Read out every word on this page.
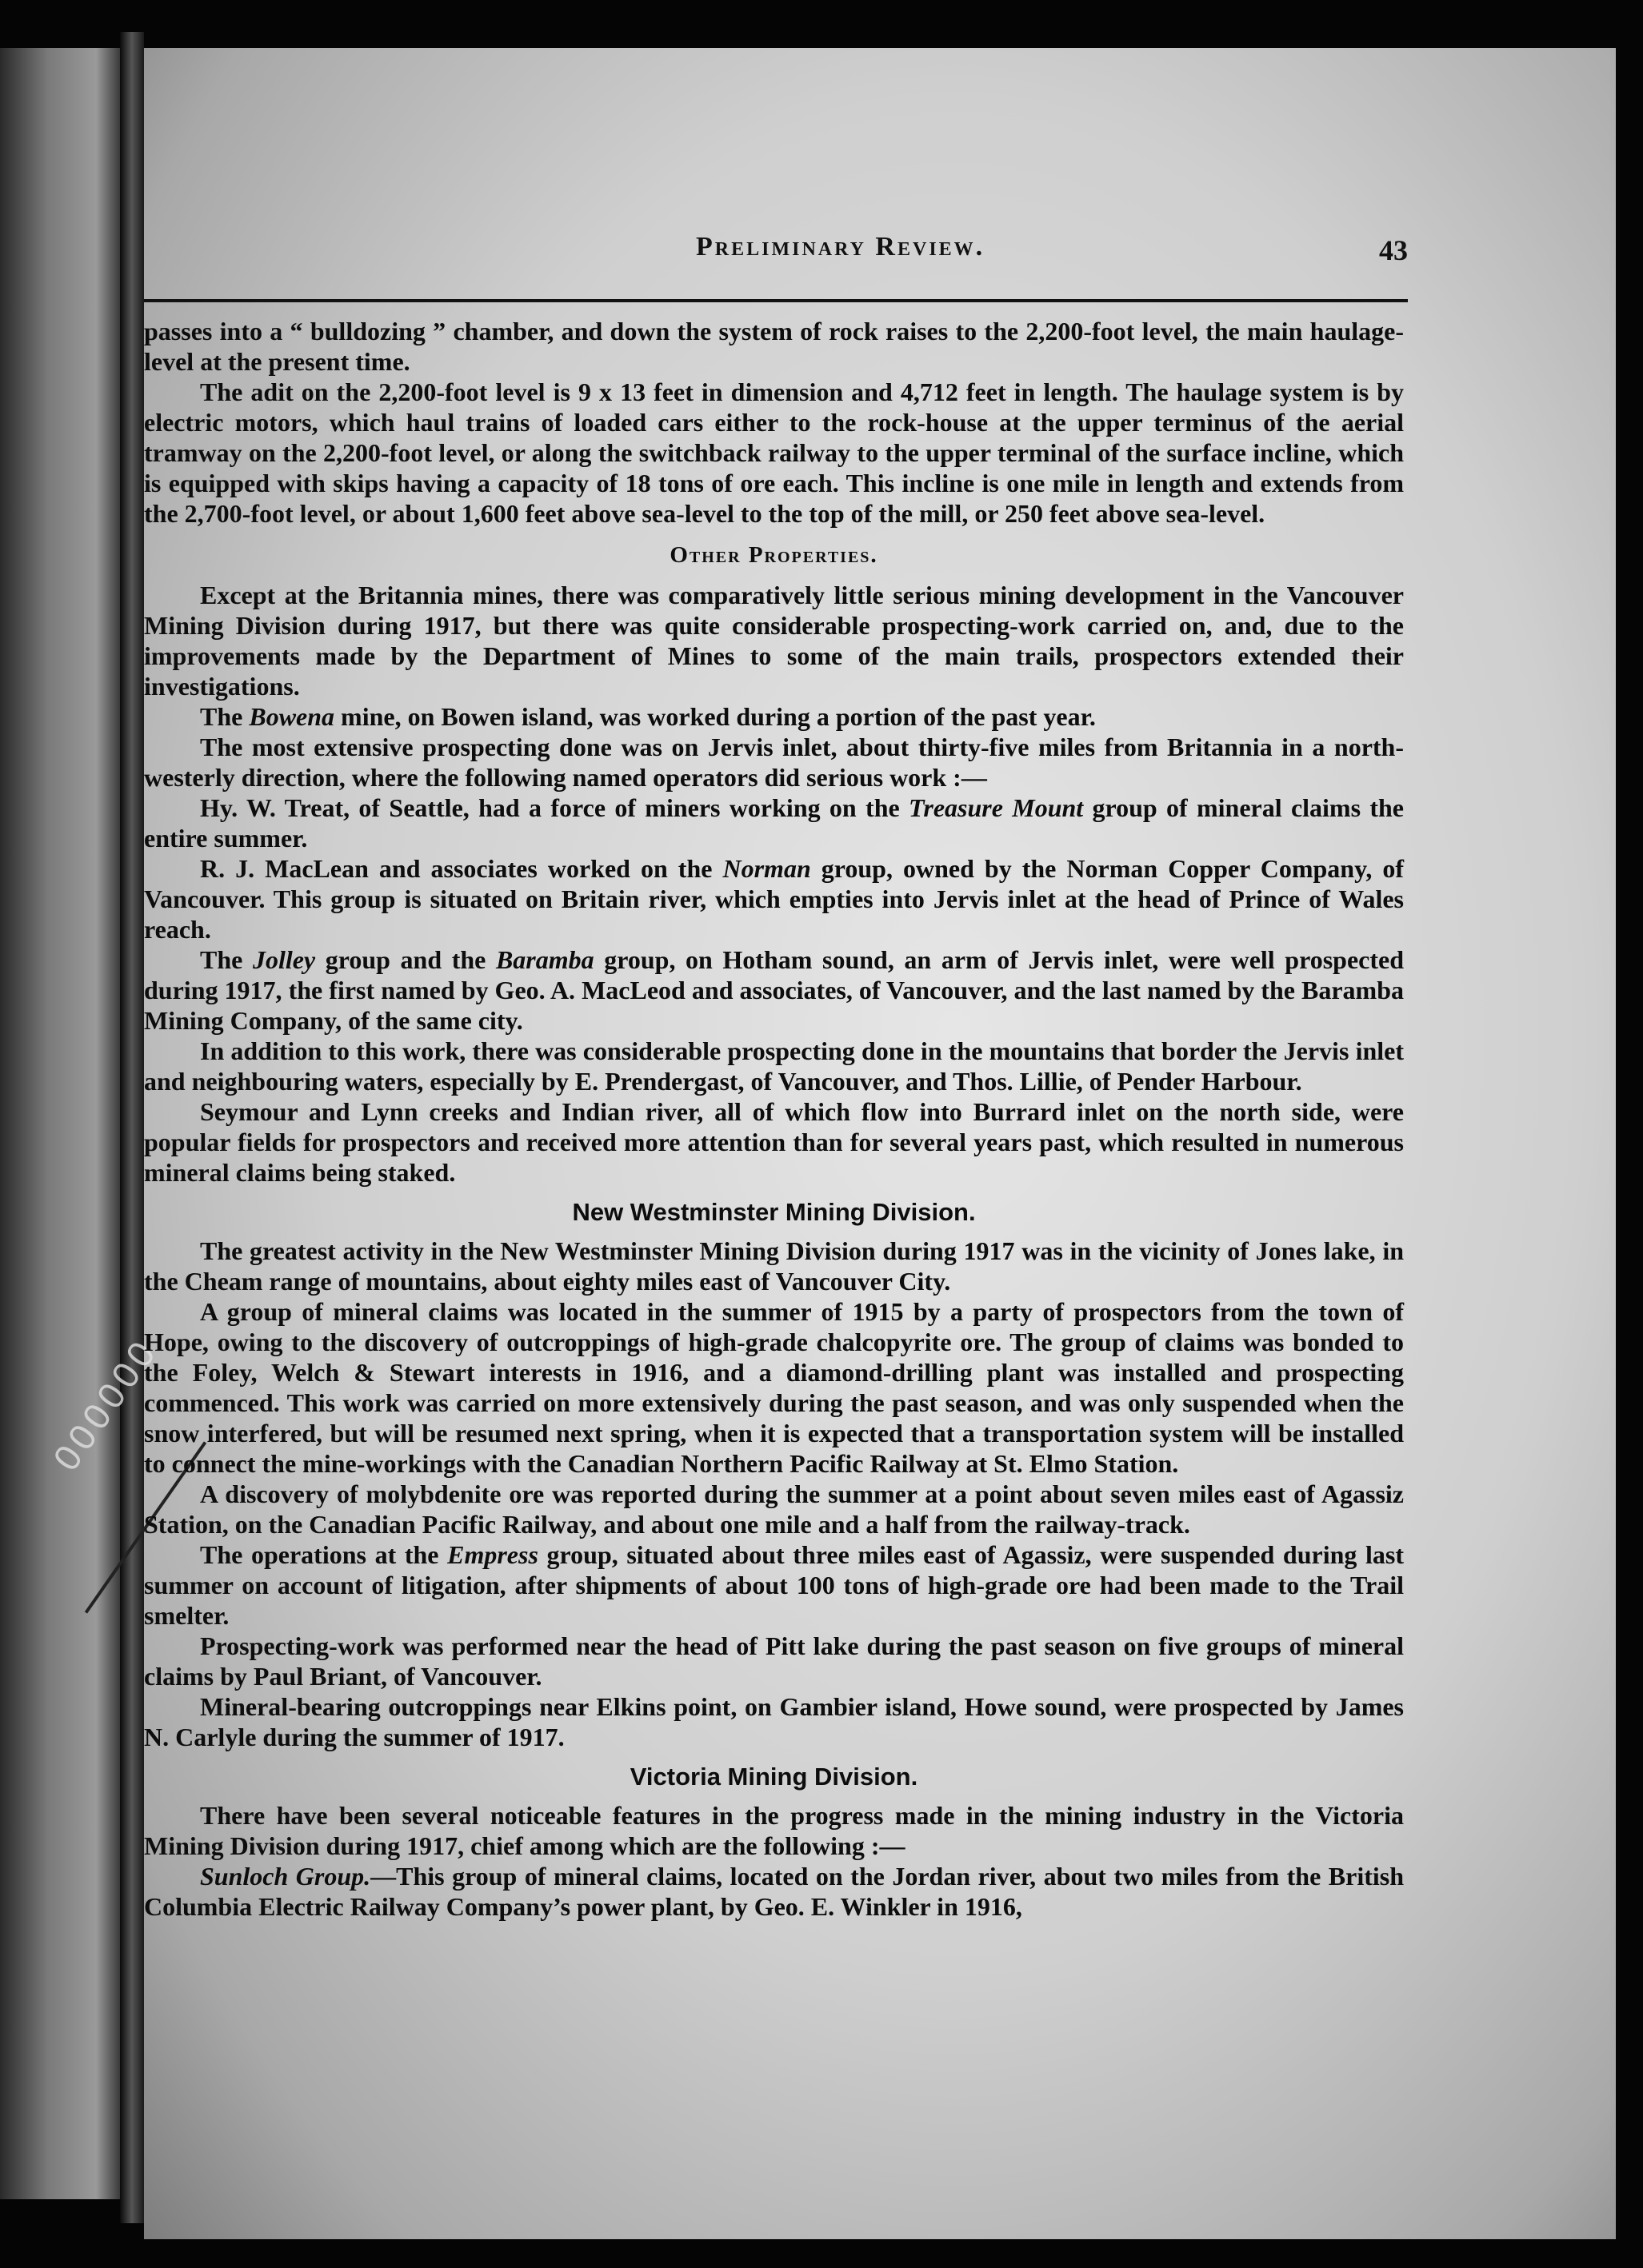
Preliminary Review.	43
000000

passes into a “ bulldozing ” chamber, and down the system of rock raises to the 2,200-foot level, the main haulage-level at the present time.

The adit on the 2,200-foot level is 9 x 13 feet in dimension and 4,712 feet in length. The haulage system is by electric motors, which haul trains of loaded cars either to the rock-house at the upper terminus of the aerial tramway on the 2,200-foot level, or along the switchback railway to the upper terminal of the surface incline, which is equipped with skips having a capacity of 18 tons of ore each. This incline is one mile in length and extends from the 2,700-foot level, or about 1,600 feet above sea-level to the top of the mill, or 250 feet above sea-level.

Other Properties.

Except at the Britannia mines, there was comparatively little serious mining development in the Vancouver Mining Division during 1917, but there was quite considerable prospecting-work carried on, and, due to the improvements made by the Department of Mines to some of the main trails, prospectors extended their investigations.

The Bowena mine, on Bowen island, was worked during a portion of the past year.

The most extensive prospecting done was on Jervis inlet, about thirty-five miles from Britannia in a north-westerly direction, where the following named operators did serious work :—

Hy. W. Treat, of Seattle, had a force of miners working on the Treasure Mount group of mineral claims the entire summer.

R. J. MacLean and associates worked on the Norman group, owned by the Norman Copper Company, of Vancouver. This group is situated on Britain river, which empties into Jervis inlet at the head of Prince of Wales reach.

The Jolley group and the Baramba group, on Hotham sound, an arm of Jervis inlet, were well prospected during 1917, the first named by Geo. A. MacLeod and associates, of Vancouver, and the last named by the Baramba Mining Company, of the same city.

In addition to this work, there was considerable prospecting done in the mountains that border the Jervis inlet and neighbouring waters, especially by E. Prendergast, of Vancouver, and Thos. Lillie, of Pender Harbour.

Seymour and Lynn creeks and Indian river, all of which flow into Burrard inlet on the north side, were popular fields for prospectors and received more attention than for several years past, which resulted in numerous mineral claims being staked.

New Westminster Mining Division.

The greatest activity in the New Westminster Mining Division during 1917 was in the vicinity of Jones lake, in the Cheam range of mountains, about eighty miles east of Vancouver City.

A group of mineral claims was located in the summer of 1915 by a party of prospectors from the town of Hope, owing to the discovery of outcroppings of high-grade chalcopyrite ore. The group of claims was bonded to the Foley, Welch & Stewart interests in 1916, and a diamond-drilling plant was installed and prospecting commenced. This work was carried on more extensively during the past season, and was only suspended when the snow interfered, but will be resumed next spring, when it is expected that a transportation system will be installed to connect the mine-workings with the Canadian Northern Pacific Railway at St. Elmo Station.

A discovery of molybdenite ore was reported during the summer at a point about seven miles east of Agassiz Station, on the Canadian Pacific Railway, and about one mile and a half from the railway-track.

The operations at the Empress group, situated about three miles east of Agassiz, were suspended during last summer on account of litigation, after shipments of about 100 tons of high-grade ore had been made to the Trail smelter.

Prospecting-work was performed near the head of Pitt lake during the past season on five groups of mineral claims by Paul Briant, of Vancouver.

Mineral-bearing outcroppings near Elkins point, on Gambier island, Howe sound, were prospected by James N. Carlyle during the summer of 1917.

Victoria Mining Division.

There have been several noticeable features in the progress made in the mining industry in the Victoria Mining Division during 1917, chief among which are the following :—

Sunloch Group.—This group of mineral claims, located on the Jordan river, about two miles from the British Columbia Electric Railway Company’s power plant, by Geo. E. Winkler in 1916,
